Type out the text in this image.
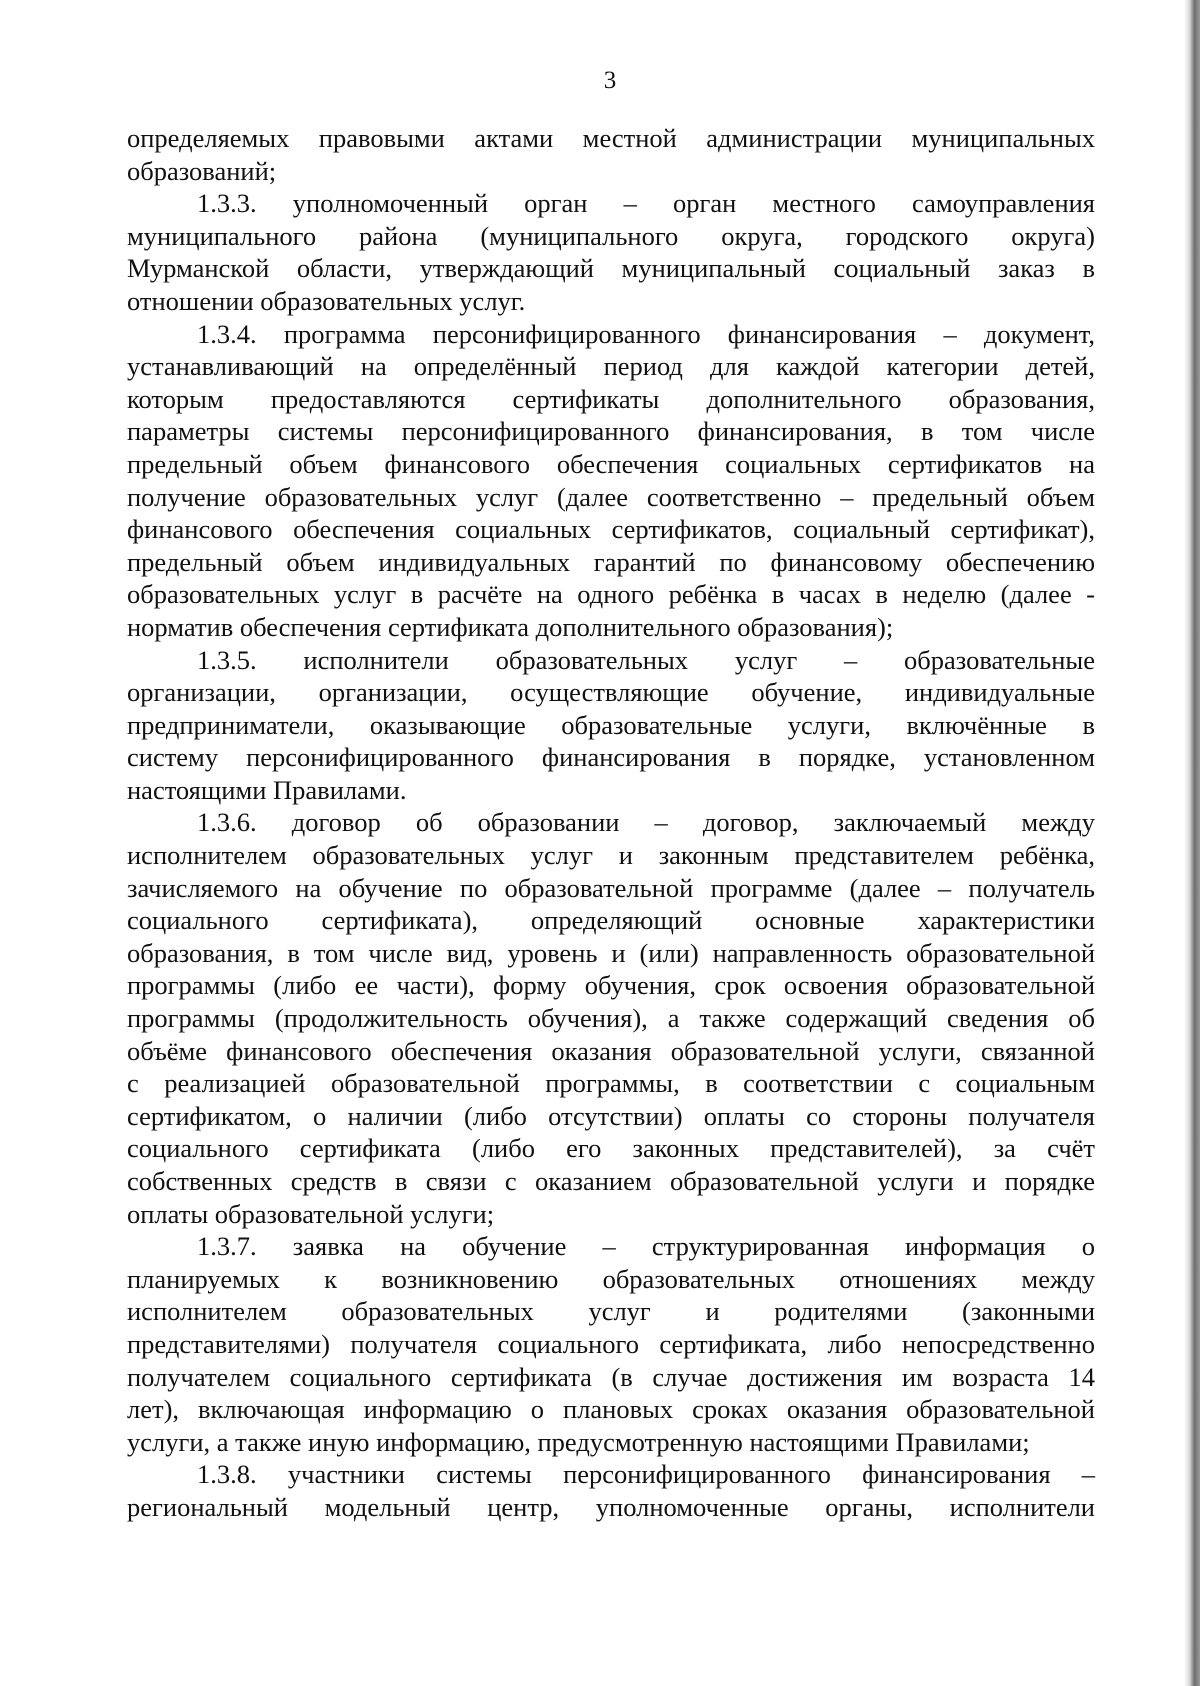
3
определяемых правовыми актами местной администрации муниципальных
образований;
1.3.3. уполномоченный орган – орган местного самоуправления
муниципального района (муниципального округа, городского округа)
Мурманской области, утверждающий муниципальный социальный заказ в
отношении образовательных услуг.
1.3.4. программа персонифицированного финансирования – документ,
устанавливающий на определённый период для каждой категории детей,
которым предоставляются сертификаты дополнительного образования,
параметры системы персонифицированного финансирования, в том числе
предельный объем финансового обеспечения социальных сертификатов на
получение образовательных услуг (далее соответственно – предельный объем
финансового обеспечения социальных сертификатов, социальный сертификат),
предельный объем индивидуальных гарантий по финансовому обеспечению
образовательных услуг в расчёте на одного ребёнка в часах в неделю (далее -
норматив обеспечения сертификата дополнительного образования);
1.3.5. исполнители образовательных услуг – образовательные
организации, организации, осуществляющие обучение, индивидуальные
предприниматели, оказывающие образовательные услуги, включённые в
систему персонифицированного финансирования в порядке, установленном
настоящими Правилами.
1.3.6. договор об образовании – договор, заключаемый между
исполнителем образовательных услуг и законным представителем ребёнка,
зачисляемого на обучение по образовательной программе (далее – получатель
социального сертификата), определяющий основные характеристики
образования, в том числе вид, уровень и (или) направленность образовательной
программы (либо ее части), форму обучения, срок освоения образовательной
программы (продолжительность обучения), а также содержащий сведения об
объёме финансового обеспечения оказания образовательной услуги, связанной
с реализацией образовательной программы, в соответствии с социальным
сертификатом, о наличии (либо отсутствии) оплаты со стороны получателя
социального сертификата (либо его законных представителей), за счёт
собственных средств в связи с оказанием образовательной услуги и порядке
оплаты образовательной услуги;
1.3.7. заявка на обучение – структурированная информация о
планируемых к возникновению образовательных отношениях между
исполнителем образовательных услуг и родителями (законными
представителями) получателя социального сертификата, либо непосредственно
получателем социального сертификата (в случае достижения им возраста 14
лет), включающая информацию о плановых сроках оказания образовательной
услуги, а также иную информацию, предусмотренную настоящими Правилами;
1.3.8. участники системы персонифицированного финансирования –
региональный модельный центр, уполномоченные органы, исполнители
